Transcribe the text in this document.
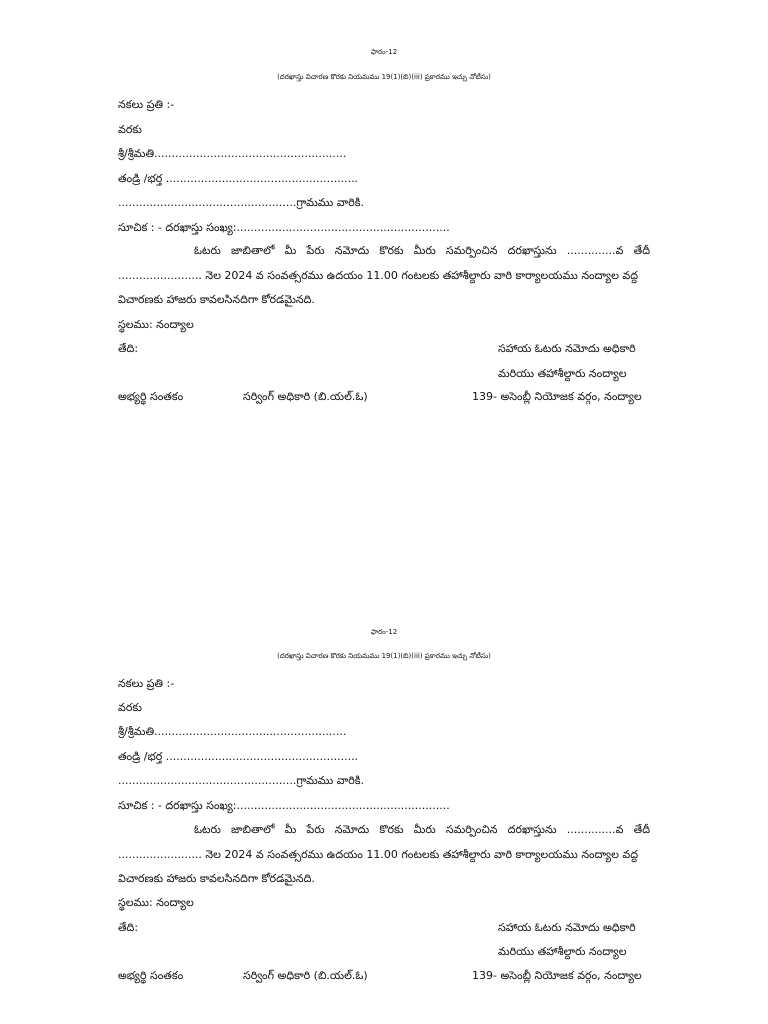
ఫారం-12
(దరఖాస్తు విచారణ కొరకు నియమము 19(1)(బి)(iii) ప్రకారము ఇచ్చు నోటీసు)
నకలు ప్రతి :-
వరకు
శ్రీ/శ్రీమతి.......................................................
తండ్రి /భర్త .......................................................
...................................................గ్రామము వారికి.
సూచిక : - దరఖాస్తు సంఖ్య:.............................................................
ఓటరు జాబితాలో మీ పేరు నమోదు కొరకు మీరు సమర్పించిన దరఖాస్తును ..............వ తేదీ
........................ నెల 2024 వ సంవత్సరము ఉదయం 11.00 గంటలకు తహాశీల్దారు వారి కార్యాలయము నంద్యాల వద్ద
విచారణకు హాజరు కావలసినదిగా కోరడమైనది.
స్థలము: నంద్యాల
తేది:	సహాయ ఓటరు నమోదు అధికారి
మరియు తహాశీల్దారు నంద్యాల
అభ్యర్థి సంతకం	సర్వింగ్ అధికారి (బి.యల్.ఓ)	139- అసెంబ్లీ నియోజక వర్గం, నంద్యాల
ఫారం-12
(దరఖాస్తు విచారణ కొరకు నియమము 19(1)(బి)(iii) ప్రకారము ఇచ్చు నోటీసు)
నకలు ప్రతి :-
వరకు
శ్రీ/శ్రీమతి.......................................................
తండ్రి /భర్త .......................................................
...................................................గ్రామము వారికి.
సూచిక : - దరఖాస్తు సంఖ్య:.............................................................
ఓటరు జాబితాలో మీ పేరు నమోదు కొరకు మీరు సమర్పించిన దరఖాస్తును ..............వ తేదీ
........................ నెల 2024 వ సంవత్సరము ఉదయం 11.00 గంటలకు తహాశీల్దారు వారి కార్యాలయము నంద్యాల వద్ద
విచారణకు హాజరు కావలసినదిగా కోరడమైనది.
స్థలము: నంద్యాల
తేది:	సహాయ ఓటరు నమోదు అధికారి
మరియు తహాశీల్దారు నంద్యాల
అభ్యర్థి సంతకం	సర్వింగ్ అధికారి (బి.యల్.ఓ)	139- అసెంబ్లీ నియోజక వర్గం, నంద్యాల
